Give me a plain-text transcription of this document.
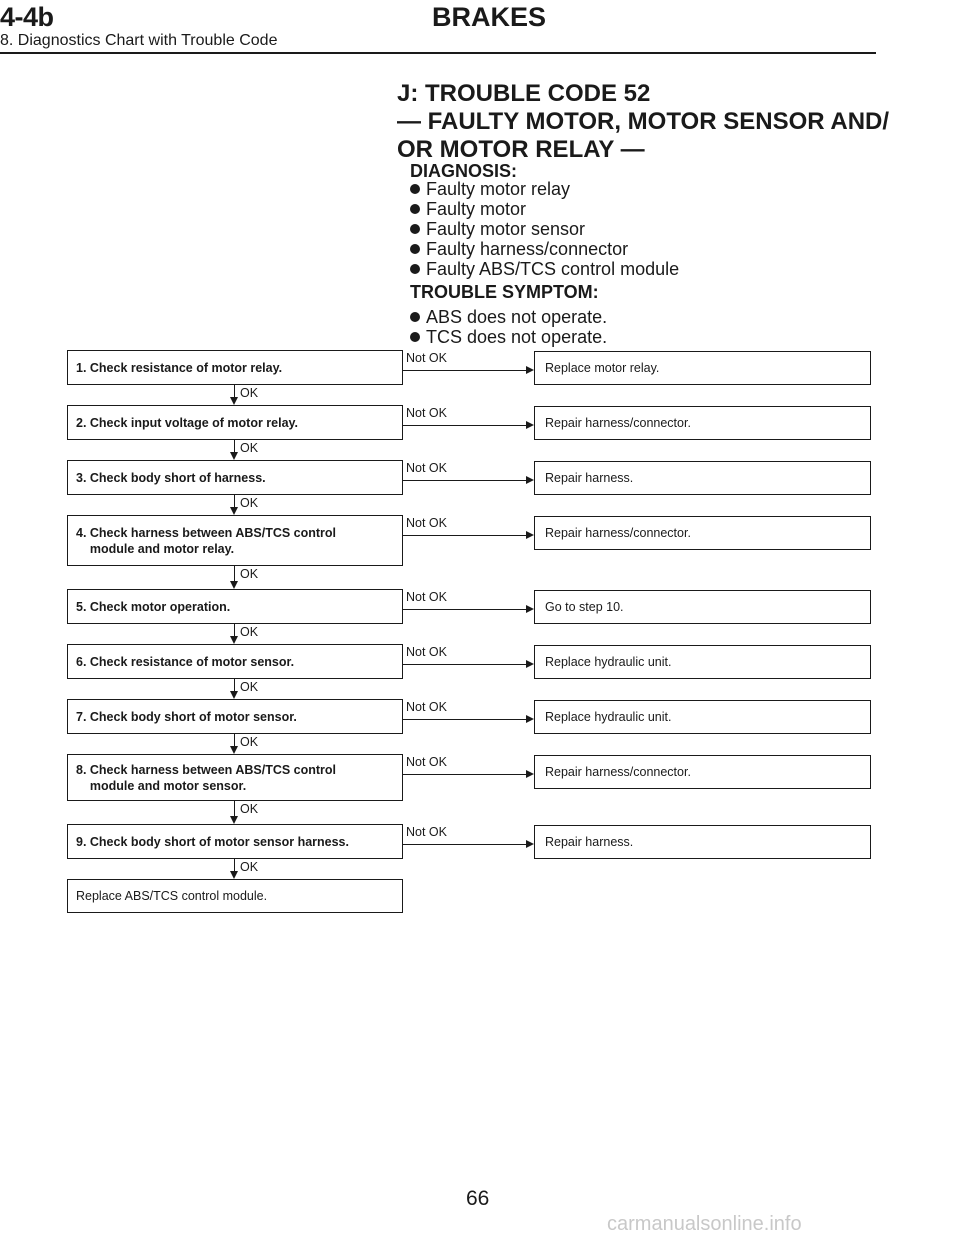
4-4b	BRAKES
8. Diagnostics Chart with Trouble Code
J: TROUBLE CODE 52
— FAULTY MOTOR, MOTOR SENSOR AND/
OR MOTOR RELAY —
DIAGNOSIS:
Faulty motor relay
Faulty motor
Faulty motor sensor
Faulty harness/connector
Faulty ABS/TCS control module
TROUBLE SYMPTOM:
ABS does not operate.
TCS does not operate.
1. Check resistance of motor relay.
Not OK
Replace motor relay.
OK
2. Check input voltage of motor relay.
Not OK
Repair harness/connector.
OK
3. Check body short of harness.
Not OK
Repair harness.
OK
4. Check harness between ABS/TCS control
module and motor relay.
Not OK
Repair harness/connector.
OK
5. Check motor operation.
Not OK
Go to step 10.
OK
6. Check resistance of motor sensor.
Not OK
Replace hydraulic unit.
OK
7. Check body short of motor sensor.
Not OK
Replace hydraulic unit.
OK
8. Check harness between ABS/TCS control
module and motor sensor.
Not OK
Repair harness/connector.
OK
9. Check body short of motor sensor harness.
Not OK
Repair harness.
OK
Replace ABS/TCS control module.
66
carmanualsonline.info
